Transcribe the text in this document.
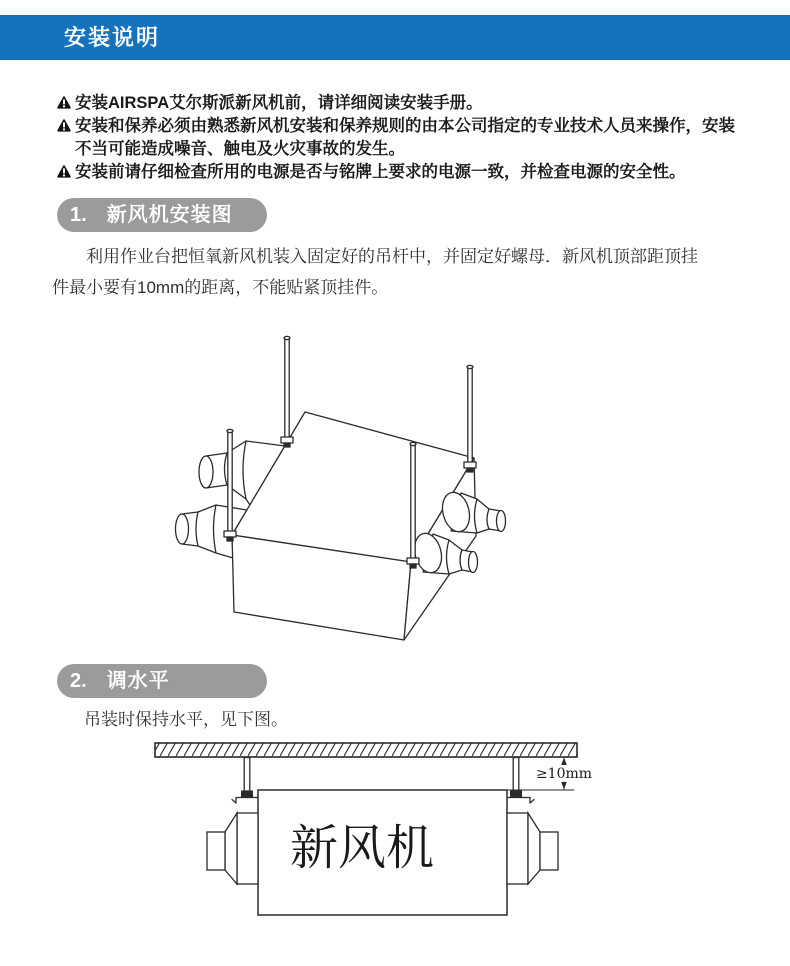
安装说明
安装AIRSPA艾尔斯派新风机前，请详细阅读安装手册。
安装和保养必须由熟悉新风机安装和保养规则的由本公司指定的专业技术人员来操作，安装不当可能造成噪音、触电及火灾事故的发生。
安装前请仔细检查所用的电源是否与铭牌上要求的电源一致，并检查电源的安全性。
1. 新风机安装图
利用作业台把恒氧新风机装入固定好的吊杆中，并固定好螺母．新风机顶部距顶挂件最小要有10mm的距离，不能贴紧顶挂件。
2. 调水平
吊装时保持水平，见下图。
≥10mm
新风机
